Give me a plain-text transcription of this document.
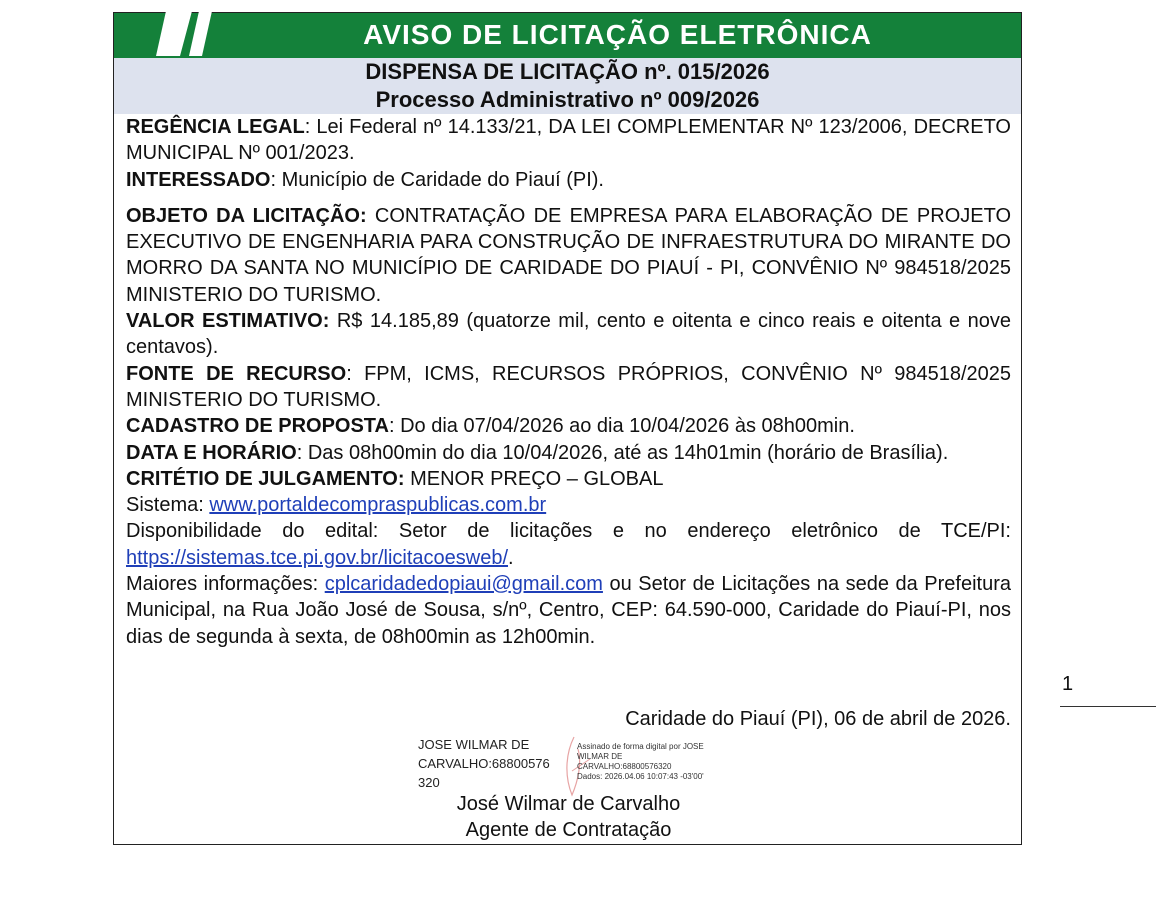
AVISO DE LICITAÇÃO ELETRÔNICA
DISPENSA DE LICITAÇÃO nº. 015/2026
Processo Administrativo nº 009/2026

REGÊNCIA LEGAL: Lei Federal nº 14.133/21, DA LEI COMPLEMENTAR Nº 123/2006, DECRETO MUNICIPAL Nº 001/2023.

INTERESSADO: Município de Caridade do Piauí (PI).

OBJETO DA LICITAÇÃO: CONTRATAÇÃO DE EMPRESA PARA ELABORAÇÃO DE PROJETO EXECUTIVO DE ENGENHARIA PARA CONSTRUÇÃO DE INFRAESTRUTURA DO MIRANTE DO MORRO DA SANTA NO MUNICÍPIO DE CARIDADE DO PIAUÍ - PI, CONVÊNIO Nº 984518/2025 MINISTERIO DO TURISMO.

VALOR ESTIMATIVO: R$ 14.185,89 (quatorze mil, cento e oitenta e cinco reais e oitenta e nove centavos).

FONTE DE RECURSO: FPM, ICMS, RECURSOS PRÓPRIOS, CONVÊNIO Nº 984518/2025 MINISTERIO DO TURISMO.

CADASTRO DE PROPOSTA: Do dia 07/04/2026 ao dia 10/04/2026 às 08h00min.

DATA E HORÁRIO: Das 08h00min do dia 10/04/2026, até as 14h01min (horário de Brasília).

CRITÉTIO DE JULGAMENTO: MENOR PREÇO – GLOBAL

Sistema: www.portaldecompraspublicas.com.br

Disponibilidade do edital: Setor de licitações e no endereço eletrônico de TCE/PI: https://sistemas.tce.pi.gov.br/licitacoesweb/.

Maiores informações: cplcaridadedopiaui@gmail.com ou Setor de Licitações na sede da Prefeitura Municipal, na Rua João José de Sousa, s/nº, Centro, CEP: 64.590-000, Caridade do Piauí-PI, nos dias de segunda à sexta, de 08h00min as 12h00min.

Caridade do Piauí (PI), 06 de abril de 2026.
JOSE WILMAR DE
CARVALHO:68800576
320
Assinado de forma digital por JOSE
WILMAR DE
CARVALHO:68800576320
Dados: 2026.04.06 10:07:43 -03'00'
José Wilmar de Carvalho
Agente de Contratação
1
